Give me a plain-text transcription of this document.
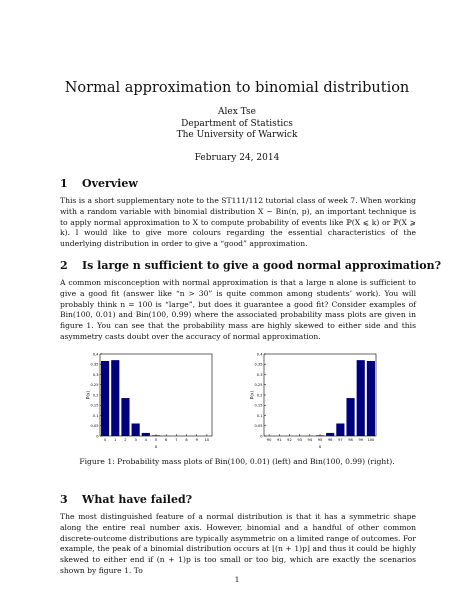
Normal approximation to binomial distribution
Alex Tse
Department of Statistics
The University of Warwick
February 24, 2014
1 Overview

This is a short supplementary note to the ST111/112 tutorial class of week 7. When working with a random variable with binomial distribution X ∼ Bin(n, p), an important technique is to apply normal approximation to X to compute probability of events like ℙ(X ⩽ k) or ℙ(X ⩾ k). I would like to give more colours regarding the essential characteristics of the underlying distribution in order to give a “good” approximation.

2 Is large n sufficient to give a good normal approximation?

A common misconception with normal approximation is that a large n alone is sufficient to give a good fit (answer like “n > 30” is quite common among students’ work). You will probably think n = 100 is “large”, but does it guarantee a good fit? Consider examples of Bin(100, 0.01) and Bin(100, 0.99) where the associated probability mass plots are given in figure 1. You can see that the probability mass are highly skewed to either side and this asymmetry casts doubt over the accuracy of normal approximation.

0
0.05
0.1
0.15
0.2
0.25
0.3
0.35
0.4
0 1 2 3 4 5 6 7 8 9 10
x
P(x)
0
0.05
0.1
0.15
0.2
0.25
0.3
0.35
0.4
90 91 92 93 94 95 96 97 98 99 100
x
P(x)
Figure 1: Probability mass plots of Bin(100, 0.01) (left) and Bin(100, 0.99) (right).
3 What have failed?

The most distinguished feature of a normal distribution is that it has a symmetric shape along the entire real number axis. However, binomial and a handful of other common discrete-outcome distributions are typically asymmetric on a limited range of outcomes. For example, the peak of a binomial distribution occurs at ⌊(n + 1)p⌋ and thus it could be highly skewed to either end if (n + 1)p is too small or too big, which are exactly the scenarios shown by figure 1. To

1
